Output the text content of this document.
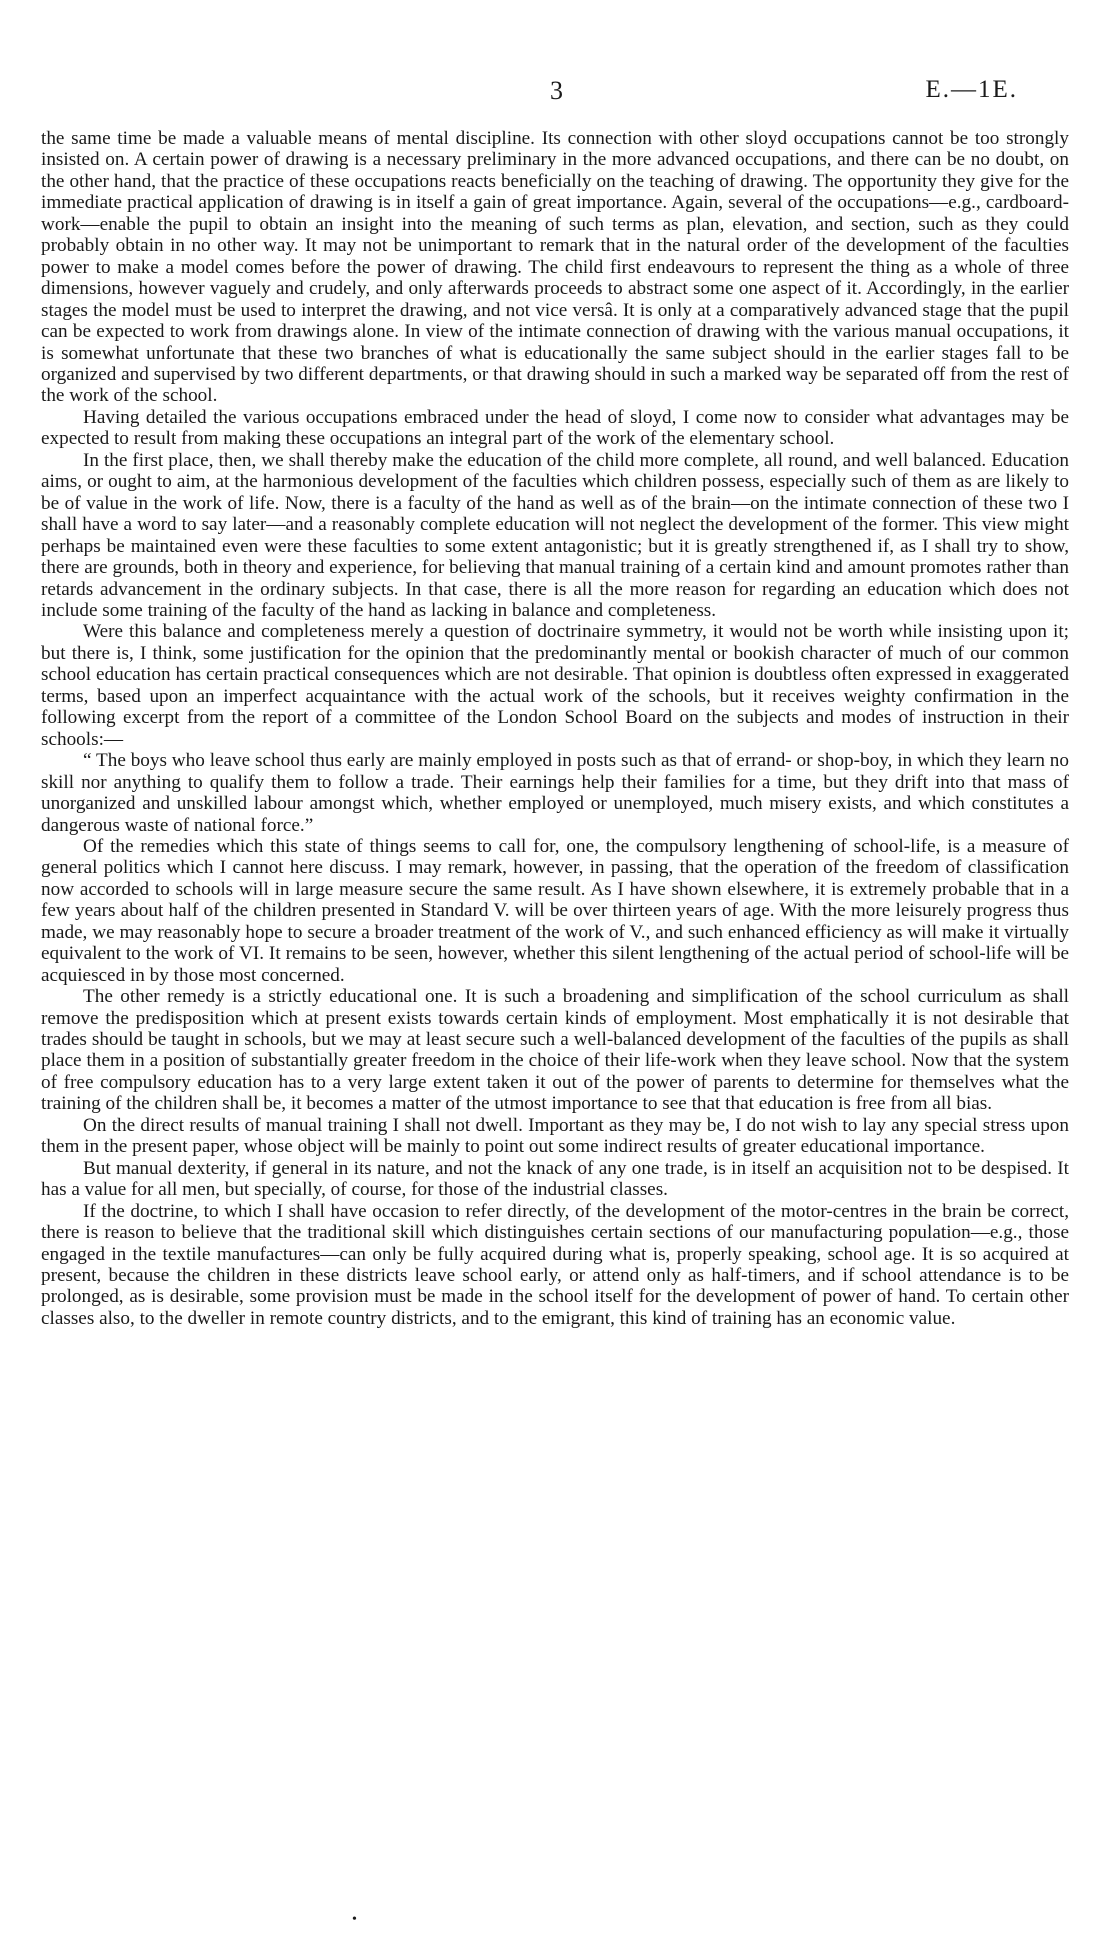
3	E.—1E.

the same time be made a valuable means of mental discipline. Its connection with other sloyd occupations cannot be too strongly insisted on. A certain power of drawing is a necessary preliminary in the more advanced occupations, and there can be no doubt, on the other hand, that the practice of these occupations reacts beneficially on the teaching of drawing. The opportunity they give for the immediate practical application of drawing is in itself a gain of great importance. Again, several of the occupations—e.g., cardboard-work—enable the pupil to obtain an insight into the meaning of such terms as plan, elevation, and section, such as they could probably obtain in no other way. It may not be unimportant to remark that in the natural order of the development of the faculties power to make a model comes before the power of drawing. The child first endeavours to represent the thing as a whole of three dimensions, however vaguely and crudely, and only afterwards proceeds to abstract some one aspect of it. Accordingly, in the earlier stages the model must be used to interpret the drawing, and not vice versâ. It is only at a comparatively advanced stage that the pupil can be expected to work from drawings alone. In view of the intimate connection of drawing with the various manual occupations, it is somewhat unfortunate that these two branches of what is educationally the same subject should in the earlier stages fall to be organized and supervised by two different departments, or that drawing should in such a marked way be separated off from the rest of the work of the school.

Having detailed the various occupations embraced under the head of sloyd, I come now to consider what advantages may be expected to result from making these occupations an integral part of the work of the elementary school.

In the first place, then, we shall thereby make the education of the child more complete, all round, and well balanced. Education aims, or ought to aim, at the harmonious development of the faculties which children possess, especially such of them as are likely to be of value in the work of life. Now, there is a faculty of the hand as well as of the brain—on the intimate connection of these two I shall have a word to say later—and a reasonably complete education will not neglect the development of the former. This view might perhaps be maintained even were these faculties to some extent antagonistic; but it is greatly strengthened if, as I shall try to show, there are grounds, both in theory and experience, for believing that manual training of a certain kind and amount promotes rather than retards advancement in the ordinary subjects. In that case, there is all the more reason for regarding an education which does not include some training of the faculty of the hand as lacking in balance and completeness.

Were this balance and completeness merely a question of doctrinaire symmetry, it would not be worth while insisting upon it; but there is, I think, some justification for the opinion that the predominantly mental or bookish character of much of our common school education has certain practical consequences which are not desirable. That opinion is doubtless often expressed in exaggerated terms, based upon an imperfect acquaintance with the actual work of the schools, but it receives weighty confirmation in the following excerpt from the report of a committee of the London School Board on the subjects and modes of instruction in their schools:—

“ The boys who leave school thus early are mainly employed in posts such as that of errand- or shop-boy, in which they learn no skill nor anything to qualify them to follow a trade. Their earnings help their families for a time, but they drift into that mass of unorganized and unskilled labour amongst which, whether employed or unemployed, much misery exists, and which constitutes a dangerous waste of national force.”

Of the remedies which this state of things seems to call for, one, the compulsory lengthening of school-life, is a measure of general politics which I cannot here discuss. I may remark, however, in passing, that the operation of the freedom of classification now accorded to schools will in large measure secure the same result. As I have shown elsewhere, it is extremely probable that in a few years about half of the children presented in Standard V. will be over thirteen years of age. With the more leisurely progress thus made, we may reasonably hope to secure a broader treatment of the work of V., and such enhanced efficiency as will make it virtually equivalent to the work of VI. It remains to be seen, however, whether this silent lengthening of the actual period of school-life will be acquiesced in by those most concerned.

The other remedy is a strictly educational one. It is such a broadening and simplification of the school curriculum as shall remove the predisposition which at present exists towards certain kinds of employment. Most emphatically it is not desirable that trades should be taught in schools, but we may at least secure such a well-balanced development of the faculties of the pupils as shall place them in a position of substantially greater freedom in the choice of their life-work when they leave school. Now that the system of free compulsory education has to a very large extent taken it out of the power of parents to determine for themselves what the training of the children shall be, it becomes a matter of the utmost importance to see that that education is free from all bias.

On the direct results of manual training I shall not dwell. Important as they may be, I do not wish to lay any special stress upon them in the present paper, whose object will be mainly to point out some indirect results of greater educational importance.

But manual dexterity, if general in its nature, and not the knack of any one trade, is in itself an acquisition not to be despised. It has a value for all men, but specially, of course, for those of the industrial classes.

If the doctrine, to which I shall have occasion to refer directly, of the development of the motor-centres in the brain be correct, there is reason to believe that the traditional skill which distinguishes certain sections of our manufacturing population—e.g., those engaged in the textile manufactures—can only be fully acquired during what is, properly speaking, school age. It is so acquired at present, because the children in these districts leave school early, or attend only as half-timers, and if school attendance is to be prolonged, as is desirable, some provision must be made in the school itself for the development of power of hand. To certain other classes also, to the dweller in remote country districts, and to the emigrant, this kind of training has an economic value.

•
